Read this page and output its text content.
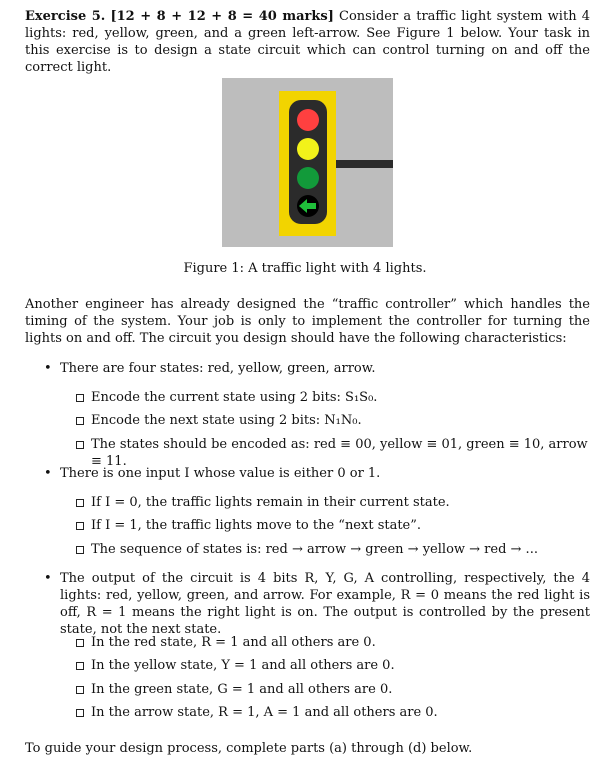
Exercise 5. [12 + 8 + 12 + 8 = 40 marks] Consider a traffic light system with 4 lights: red, yellow, green, and a green left-arrow. See Figure 1 below. Your task in this exercise is to design a state circuit which can control turning on and off the correct light.

Figure 1: A traffic light with 4 lights.

Another engineer has already designed the “traffic controller” which handles the timing of the system. Your job is only to implement the controller for turning the lights on and off. The circuit you design should have the following characteristics:

• There are four states: red, yellow, green, arrow.
Encode the current state using 2 bits: S₁S₀.
Encode the next state using 2 bits: N₁N₀.
The states should be encoded as: red ≡ 00, yellow ≡ 01, green ≡ 10, arrow ≡ 11.
• There is one input I whose value is either 0 or 1.
If I = 0, the traffic lights remain in their current state.
If I = 1, the traffic lights move to the “next state”.
The sequence of states is: red → arrow → green → yellow → red → ...
• The output of the circuit is 4 bits R, Y, G, A controlling, respectively, the 4 lights: red, yellow, green, and arrow. For example, R = 0 means the red light is off, R = 1 means the right light is on. The output is controlled by the present state, not the next state.
In the red state, R = 1 and all others are 0.
In the yellow state, Y = 1 and all others are 0.
In the green state, G = 1 and all others are 0.
In the arrow state, R = 1, A = 1 and all others are 0.
To guide your design process, complete parts (a) through (d) below.
